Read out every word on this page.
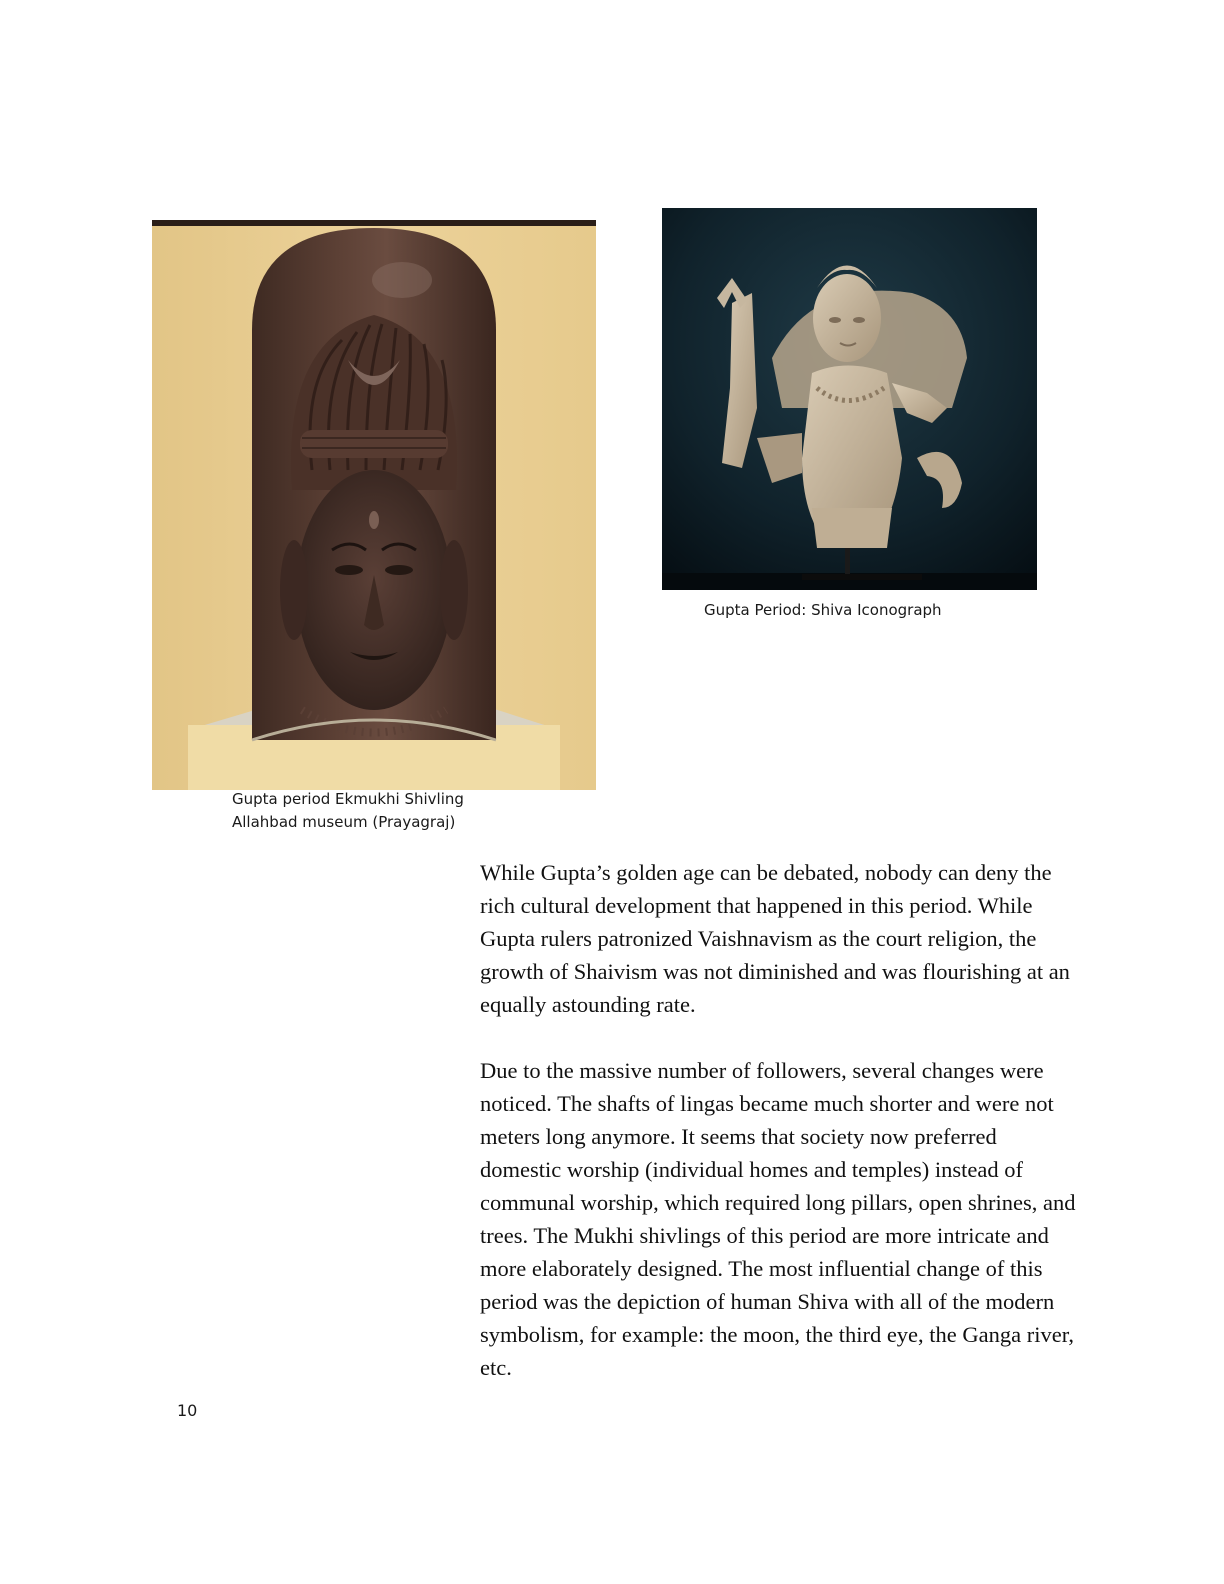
Gupta Period: Shiva Iconograph

Gupta period Ekmukhi Shivling
Allahbad museum (Prayagraj)

While Gupta’s golden age can be debated, nobody can deny the rich cultural development that happened in this period. While Gupta rulers patronized Vaishnavism as the court religion, the growth of Shaivism was not diminished and was flourishing at an equally astounding rate.

Due to the massive number of followers, several changes were noticed. The shafts of lingas became much shorter and were not meters long anymore. It seems that society now preferred domestic worship (individual homes and temples) instead of communal worship, which required long pillars, open shrines, and trees. The Mukhi shivlings of this period are more intricate and more elaborately designed. The most influential change of this period was the depiction of human Shiva with all of the modern symbolism, for example: the moon, the third eye, the Ganga river, etc.

10
